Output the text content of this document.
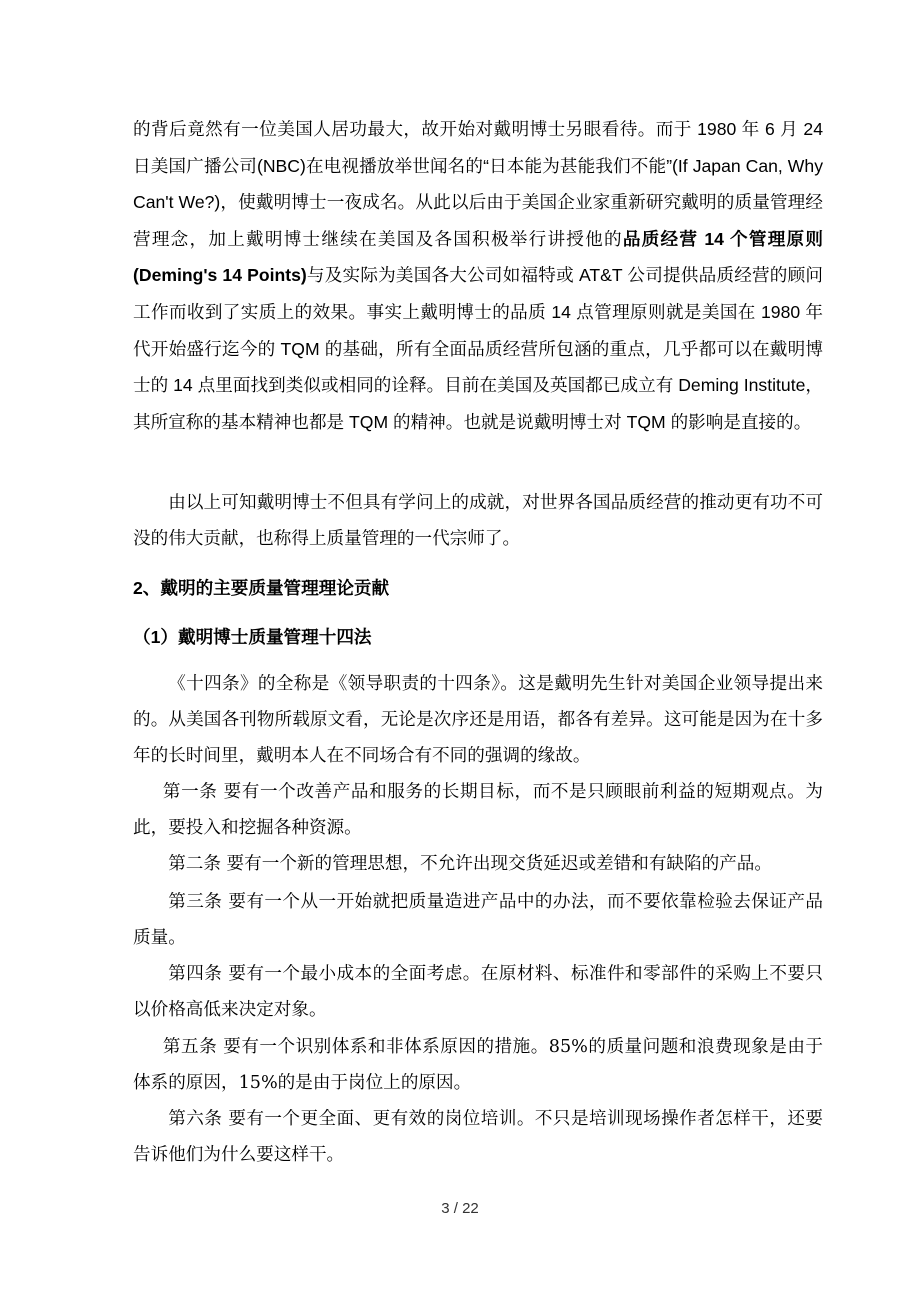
的背后竟然有一位美国人居功最大，故开始对戴明博士另眼看待。而于 1980 年 6 月 24 日美国广播公司(NBC)在电视播放举世闻名的“日本能为甚能我们不能”(If Japan Can, Why Can't We?)，使戴明博士一夜成名。从此以后由于美国企业家重新研究戴明的质量管理经营理念，加上戴明博士继续在美国及各国积极举行讲授他的品质经营 14 个管理原则(Deming's 14 Points)与及实际为美国各大公司如福特或 AT&T 公司提供品质经营的顾问工作而收到了实质上的效果。事实上戴明博士的品质 14 点管理原则就是美国在 1980 年代开始盛行迄今的 TQM 的基础，所有全面品质经营所包涵的重点，几乎都可以在戴明博士的 14 点里面找到类似或相同的诠释。目前在美国及英国都已成立有 Deming Institute，其所宣称的基本精神也都是 TQM 的精神。也就是说戴明博士对 TQM 的影响是直接的。
由以上可知戴明博士不但具有学问上的成就，对世界各国品质经营的推动更有功不可没的伟大贡献，也称得上质量管理的一代宗师了。
2、戴明的主要质量管理理论贡献
（1）戴明博士质量管理十四法
《十四条》的全称是《领导职责的十四条》。这是戴明先生针对美国企业领导提出来的。从美国各刊物所载原文看，无论是次序还是用语，都各有差异。这可能是因为在十多年的长时间里，戴明本人在不同场合有不同的强调的缘故。
第一条 要有一个改善产品和服务的长期目标，而不是只顾眼前利益的短期观点。为此，要投入和挖掘各种资源。
第二条 要有一个新的管理思想，不允许出现交货延迟或差错和有缺陷的产品。
第三条 要有一个从一开始就把质量造进产品中的办法，而不要依靠检验去保证产品质量。
第四条 要有一个最小成本的全面考虑。在原材料、标准件和零部件的采购上不要只以价格高低来决定对象。
第五条 要有一个识别体系和非体系原因的措施。85%的质量问题和浪费现象是由于体系的原因，15%的是由于岗位上的原因。
第六条 要有一个更全面、更有效的岗位培训。不只是培训现场操作者怎样干，还要告诉他们为什么要这样干。
3 / 22
